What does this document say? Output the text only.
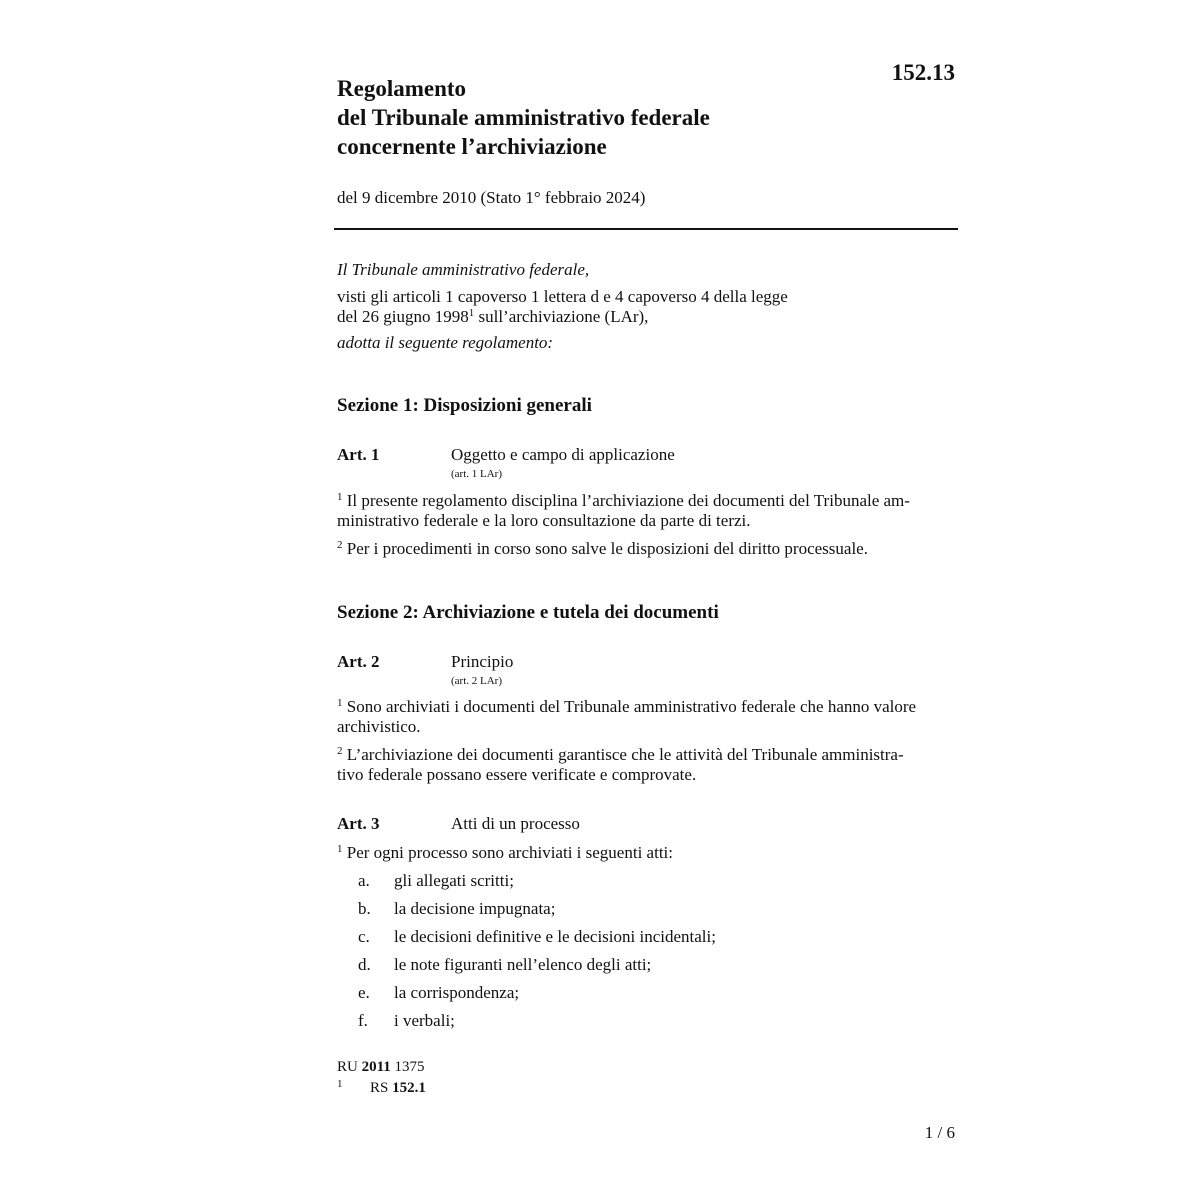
152.13
Regolamento
del Tribunale amministrativo federale
concernente l’archiviazione
del 9 dicembre 2010 (Stato 1° febbraio 2024)
Il Tribunale amministrativo federale,
visti gli articoli 1 capoverso 1 lettera d e 4 capoverso 4 della legge
del 26 giugno 1998$^1$ sull’archiviazione (LAr),
adotta il seguente regolamento:
Sezione 1: Disposizioni generali
Art. 1	Oggetto e campo di applicazione
(art. 1 LAr)
$^1$ Il presente regolamento disciplina l’archiviazione dei documenti del Tribunale am-
ministrativo federale e la loro consultazione da parte di terzi.
$^2$ Per i procedimenti in corso sono salve le disposizioni del diritto processuale.
Sezione 2: Archiviazione e tutela dei documenti
Art. 2	Principio
(art. 2 LAr)
$^1$ Sono archiviati i documenti del Tribunale amministrativo federale che hanno valore
archivistico.
$^2$ L’archiviazione dei documenti garantisce che le attività del Tribunale amministra-
tivo federale possano essere verificate e comprovate.
Art. 3	Atti di un processo
$^1$ Per ogni processo sono archiviati i seguenti atti:
a. gli allegati scritti;
b. la decisione impugnata;
c. le decisioni definitive e le decisioni incidentali;
d. le note figuranti nell’elenco degli atti;
e. la corrispondenza;
f. i verbali;
RU 2011 1375
1 RS 152.1
1 / 6
